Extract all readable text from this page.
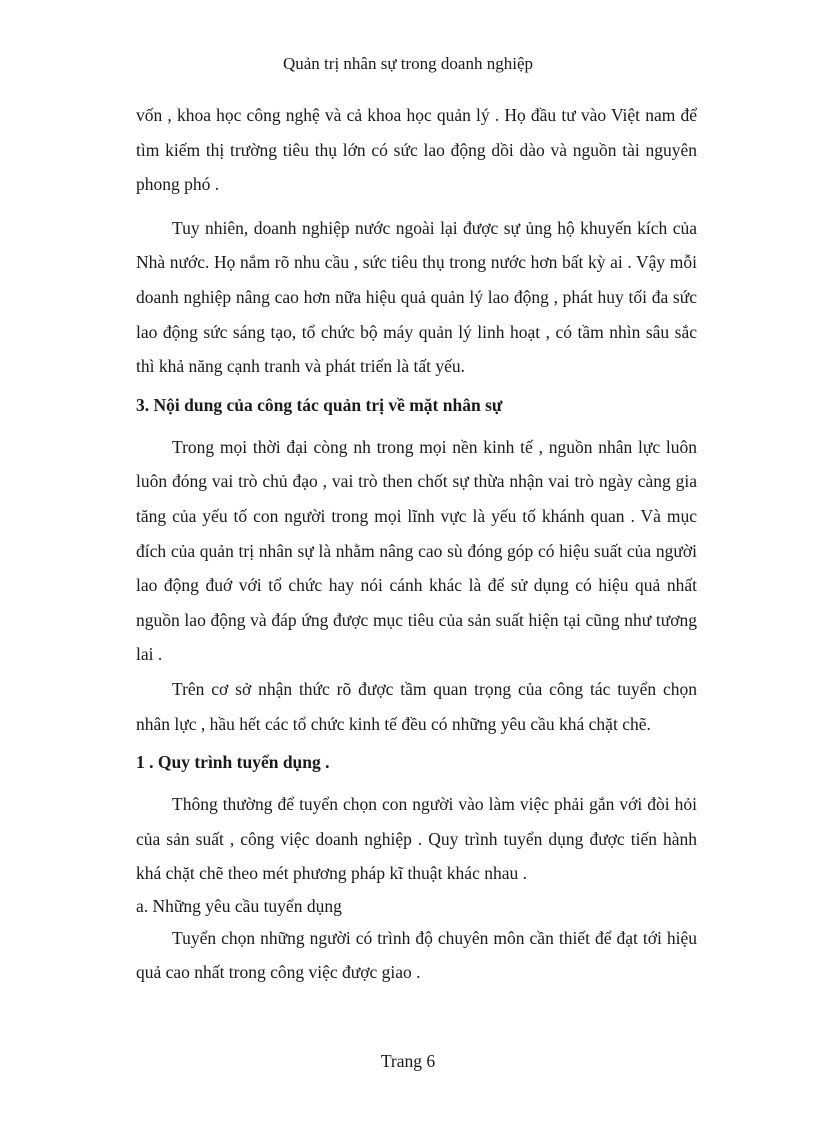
Quản trị nhân sự trong doanh nghiệp

vốn , khoa học công nghệ và cả khoa học quản lý . Họ đầu tư vào Việt nam để tìm kiếm thị trường tiêu thụ lớn có sức lao động dồi dào và nguồn tài nguyên phong phó .

Tuy nhiên, doanh nghiệp nước ngoài lại được sự ủng hộ khuyến kích của Nhà nước. Họ nắm rõ nhu cầu , sức tiêu thụ trong nước hơn bất kỳ ai . Vậy mỗi doanh nghiệp nâng cao hơn nữa hiệu quả quản lý lao động , phát huy tối đa sức lao động sức sáng tạo, tổ chức bộ máy quản lý linh hoạt , có tầm nhìn sâu sắc thì khả năng cạnh tranh và phát triển là tất yếu.

3. Nội dung của công tác quản trị về mặt nhân sự

Trong mọi thời đại còng nh trong mọi nền kinh tế , nguồn nhân lực luôn luôn đóng vai trò chủ đạo , vai trò then chốt sự thừa nhận vai trò ngày càng gia tăng của yếu tố con người trong mọi lĩnh vực là yếu tố khánh quan . Và mục đích của quản trị nhân sự là nhằm nâng cao sù đóng góp có hiệu suất của người lao động đuớ với tổ chức hay nói cánh khác là để sử dụng có hiệu quả nhất nguồn lao động và đáp ứng được mục tiêu của sản suất hiện tại cũng như tương lai .

Trên cơ sở nhận thức rõ được tầm quan trọng của công tác tuyển chọn nhân lực , hầu hết các tổ chức kinh tế đều có những yêu cầu khá chặt chẽ.

1 . Quy trình tuyển dụng .

Thông thường để tuyển chọn con người vào làm việc phải gắn với đòi hỏi của sản suất , công việc doanh nghiệp . Quy trình tuyển dụng được tiến hành khá chặt chẽ theo mét phương pháp kĩ thuật khác nhau .

a. Những yêu cầu tuyển dụng

Tuyển chọn những người có trình độ chuyên môn cần thiết để đạt tới hiệu quả cao nhất trong công việc được giao .

Trang 6
